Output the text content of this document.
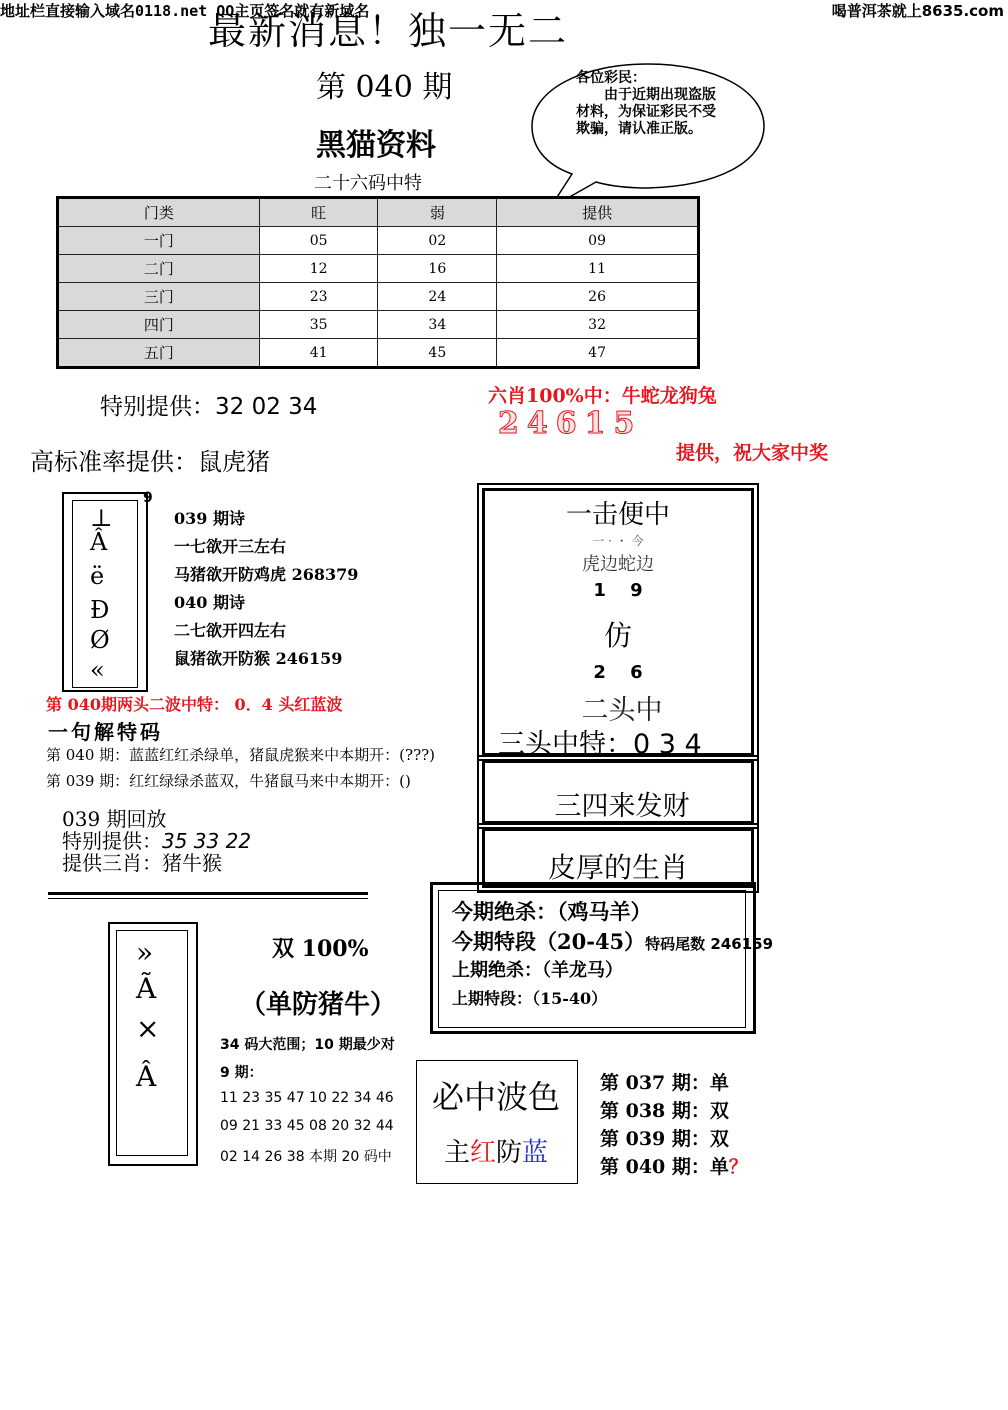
地址栏直接输入域名0118.net QQ主页签名就有新域名	喝普洱茶就上8635.com
最新消息！独一无二
第 040 期
黑猫资料
二十六码中特
各位彩民：
由于近期出现盗版材料，为保证彩民不受欺骗，请认准正版。
门类	旺	弱	提供
一门	05	02	09
二门	12	16	11
三门	23	24	26
四门	35	34	32
五门	41	45	47
特别提供：32 02 34	六肖100%中：牛蛇龙狗兔
24615
提供，祝大家中奖
高标准率提供：鼠虎猪
⊥
Â
ë
Ð
Ø
«
9
039 期诗
一七欲开三左右
马猪欲开防鸡虎 268379
040 期诗
二七欲开四左右
鼠猪欲开防猴 246159
第 040期两头二波中特： 0．4 头红蓝波
一句解特码
第 040 期：蓝蓝红红杀绿单，猪鼠虎猴来中本期开：(???)
第 039 期：红红绿绿杀蓝双，牛猪鼠马来中本期开：()
039 期回放
特别提供：35 33 22
提供三肖：猪牛猴
一击便中
一 · ・ 今
虎边蛇边
1 9
仿
2 6
二头中
三头中特：0 3 4
三四来发财
皮厚的生肖
今期绝杀：（鸡马羊）
今期特段（20-45）特码尾数 246159
上期绝杀：（羊龙马）
上期特段：（15-40）
»
Ã
⨯
Â
双 100%
（单防猪牛）
34 码大范围；10 期最少对
9 期：
11 23 35 47 10 22 34 46
09 21 33 45 08 20 32 44
02 14 26 38 本期 20 码中
必中波色
主红防蓝
第 037 期：单
第 038 期：双
第 039 期：双
第 040 期：单？
